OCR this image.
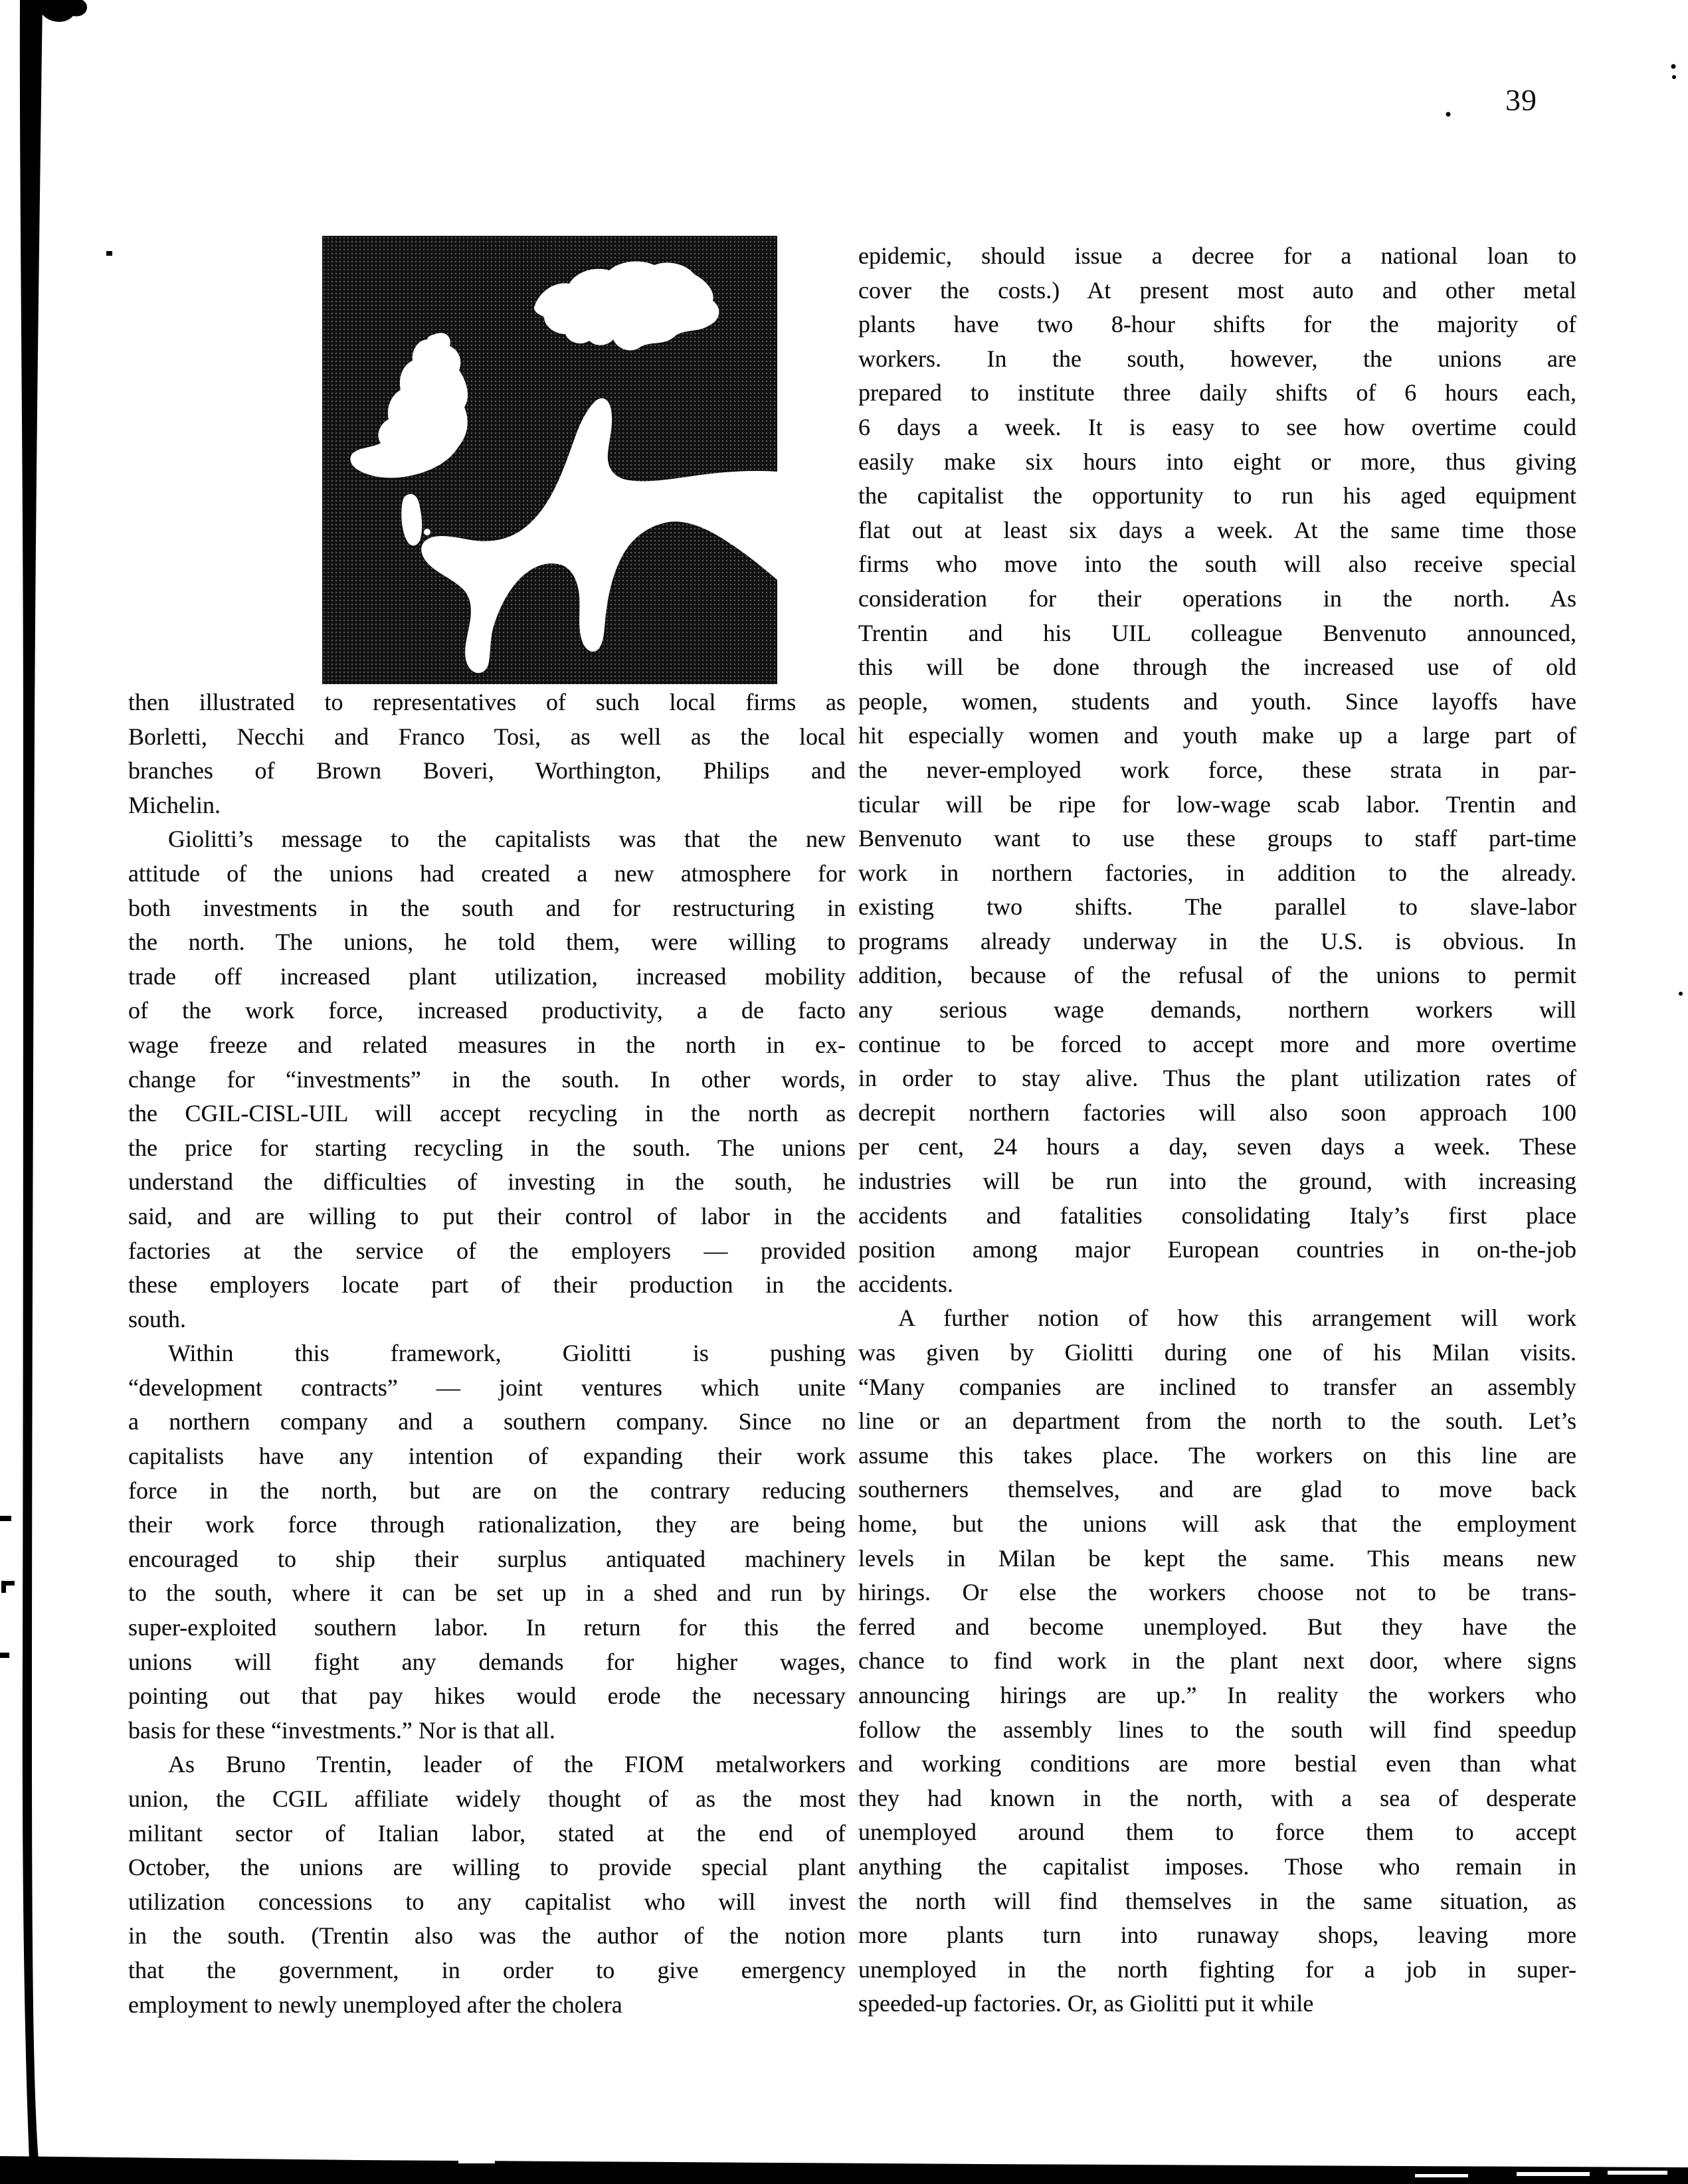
39
then illustrated to representatives of such local firms as
Borletti, Necchi and Franco Tosi, as well as the local
branches of Brown Boveri, Worthington, Philips and
Michelin.
Giolitti’s message to the capitalists was that the new
attitude of the unions had created a new atmosphere for
both investments in the south and for restructuring in
the north. The unions, he told them, were willing to
trade off increased plant utilization, increased mobility
of the work force, increased productivity, a de facto
wage freeze and related measures in the north in ex-
change for “investments” in the south. In other words,
the CGIL-CISL-UIL will accept recycling in the north as
the price for starting recycling in the south. The unions
understand the difficulties of investing in the south, he
said, and are willing to put their control of labor in the
factories at the service of the employers — provided
these employers locate part of their production in the
south.
Within this framework, Giolitti is pushing
“development contracts” — joint ventures which unite
a northern company and a southern company. Since no
capitalists have any intention of expanding their work
force in the north, but are on the contrary reducing
their work force through rationalization, they are being
encouraged to ship their surplus antiquated machinery
to the south, where it can be set up in a shed and run by
super-exploited southern labor. In return for this the
unions will fight any demands for higher wages,
pointing out that pay hikes would erode the necessary
basis for these “investments.” Nor is that all.
As Bruno Trentin, leader of the FIOM metalworkers
union, the CGIL affiliate widely thought of as the most
militant sector of Italian labor, stated at the end of
October, the unions are willing to provide special plant
utilization concessions to any capitalist who will invest
in the south. (Trentin also was the author of the notion
that the government, in order to give emergency
employment to newly unemployed after the cholera
epidemic, should issue a decree for a national loan to
cover the costs.) At present most auto and other metal
plants have two 8-hour shifts for the majority of
workers. In the south, however, the unions are
prepared to institute three daily shifts of 6 hours each,
6 days a week. It is easy to see how overtime could
easily make six hours into eight or more, thus giving
the capitalist the opportunity to run his aged equipment
flat out at least six days a week. At the same time those
firms who move into the south will also receive special
consideration for their operations in the north. As
Trentin and his UIL colleague Benvenuto announced,
this will be done through the increased use of old
people, women, students and youth. Since layoffs have
hit especially women and youth make up a large part of
the never-employed work force, these strata in par-
ticular will be ripe for low-wage scab labor. Trentin and
Benvenuto want to use these groups to staff part-time
work in northern factories, in addition to the already.
existing two shifts. The parallel to slave-labor
programs already underway in the U.S. is obvious. In
addition, because of the refusal of the unions to permit
any serious wage demands, northern workers will
continue to be forced to accept more and more overtime
in order to stay alive. Thus the plant utilization rates of
decrepit northern factories will also soon approach 100
per cent, 24 hours a day, seven days a week. These
industries will be run into the ground, with increasing
accidents and fatalities consolidating Italy’s first place
position among major European countries in on-the-job
accidents.
A further notion of how this arrangement will work
was given by Giolitti during one of his Milan visits.
“Many companies are inclined to transfer an assembly
line or an department from the north to the south. Let’s
assume this takes place. The workers on this line are
southerners themselves, and are glad to move back
home, but the unions will ask that the employment
levels in Milan be kept the same. This means new
hirings. Or else the workers choose not to be trans-
ferred and become unemployed. But they have the
chance to find work in the plant next door, where signs
announcing hirings are up.” In reality the workers who
follow the assembly lines to the south will find speedup
and working conditions are more bestial even than what
they had known in the north, with a sea of desperate
unemployed around them to force them to accept
anything the capitalist imposes. Those who remain in
the north will find themselves in the same situation, as
more plants turn into runaway shops, leaving more
unemployed in the north fighting for a job in super-
speeded-up factories. Or, as Giolitti put it while
